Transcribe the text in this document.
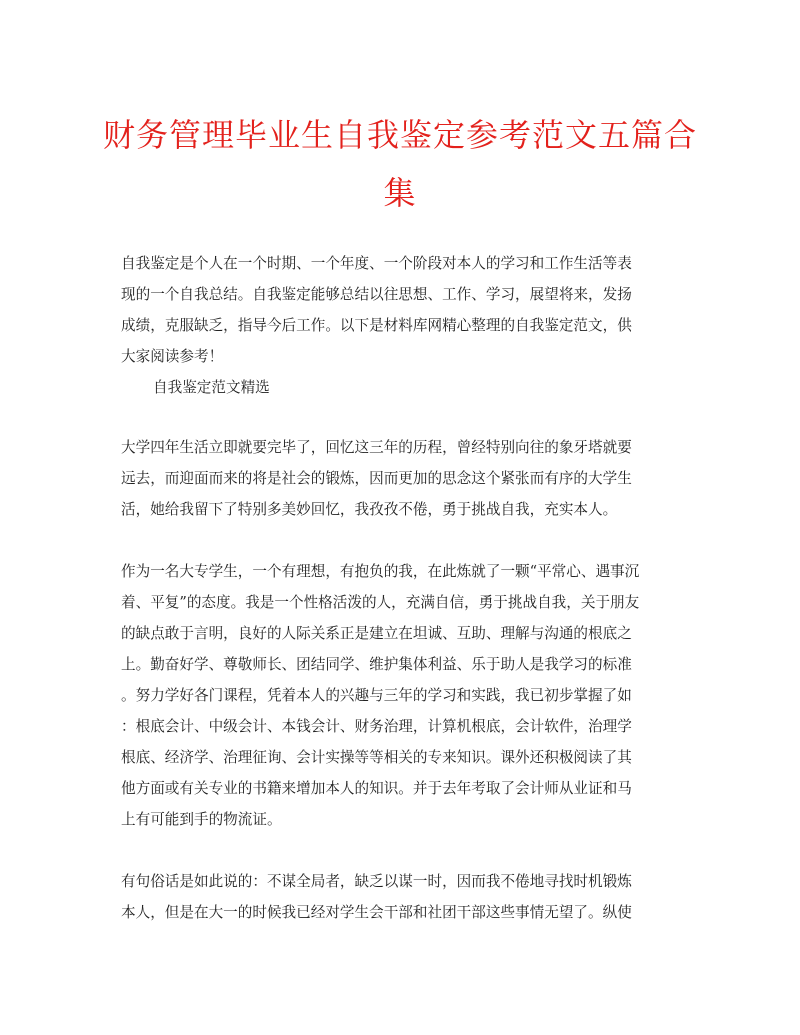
财务管理毕业生自我鉴定参考范文五篇合
集
自我鉴定是个人在一个时期、一个年度、一个阶段对本人的学习和工作生活等表
现的一个自我总结。自我鉴定能够总结以往思想、工作、学习，展望将来，发扬
成绩，克服缺乏，指导今后工作。以下是材料库网精心整理的自我鉴定范文，供
大家阅读参考！
自我鉴定范文精选
大学四年生活立即就要完毕了，回忆这三年的历程，曾经特别向往的象牙塔就要
远去，而迎面而来的将是社会的锻炼，因而更加的思念这个紧张而有序的大学生
活，她给我留下了特别多美妙回忆，我孜孜不倦，勇于挑战自我，充实本人。
作为一名大专学生，一个有理想，有抱负的我，在此炼就了一颗“平常心、遇事沉
着、平复”的态度。我是一个性格活泼的人，充满自信，勇于挑战自我，关于朋友
的缺点敢于言明，良好的人际关系正是建立在坦诚、互助、理解与沟通的根底之
上。勤奋好学、尊敬师长、团结同学、维护集体利益、乐于助人是我学习的标准
。努力学好各门课程，凭着本人的兴趣与三年的学习和实践，我已初步掌握了如
：根底会计、中级会计、本钱会计、财务治理，计算机根底，会计软件，治理学
根底、经济学、治理征询、会计实操等等相关的专来知识。课外还积极阅读了其
他方面或有关专业的书籍来增加本人的知识。并于去年考取了会计师从业证和马
上有可能到手的物流证。
有句俗话是如此说的：不谋全局者，缺乏以谋一时，因而我不倦地寻找时机锻炼
本人，但是在大一的时候我已经对学生会干部和社团干部这些事情无望了。纵使
